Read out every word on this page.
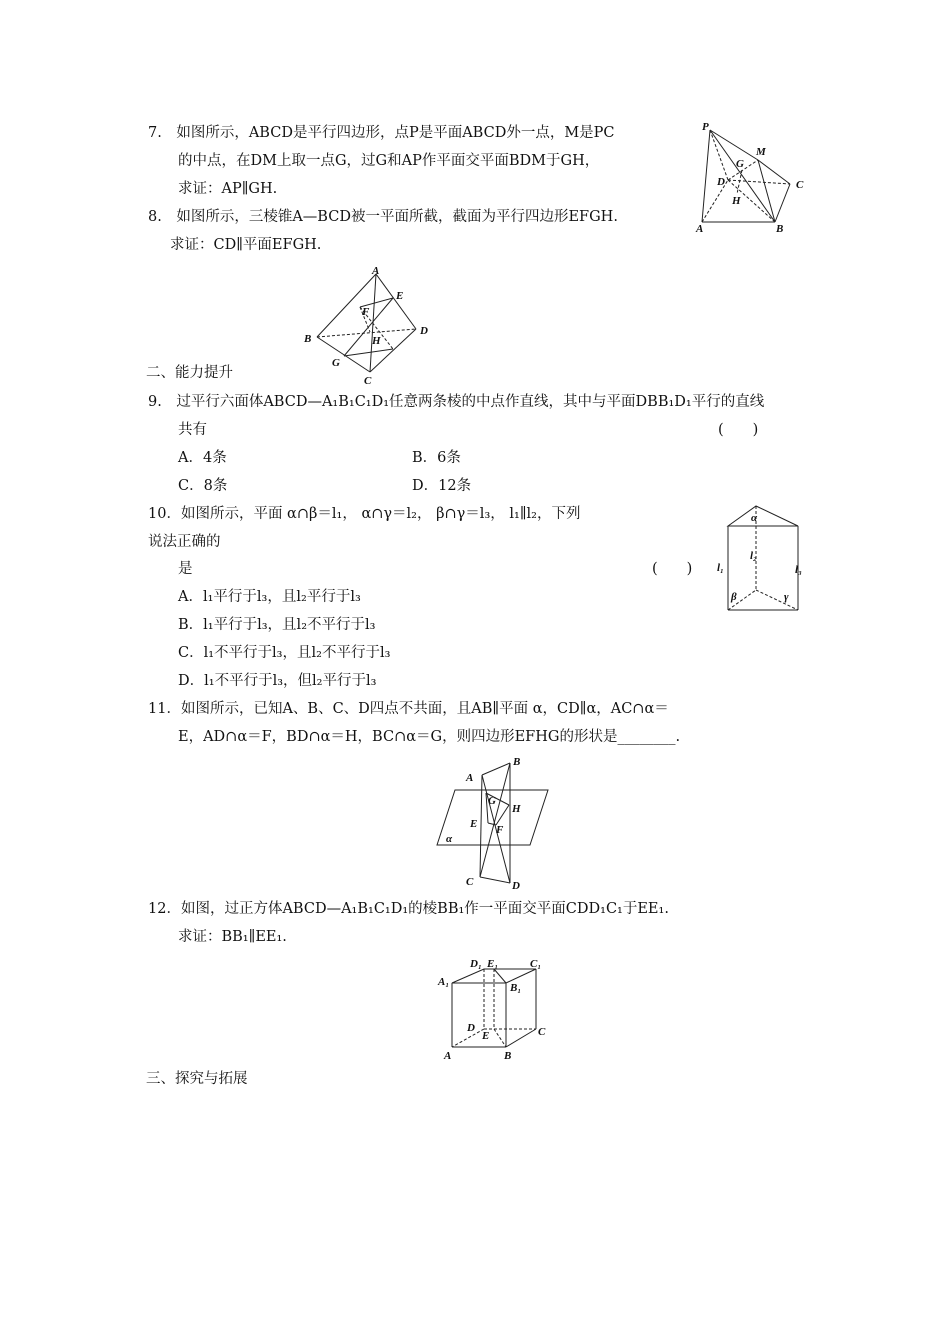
7.　如图所示，ABCD是平行四边形，点P是平面ABCD外一点，M是PC
的中点，在DM上取一点G，过G和AP作平面交平面BDM于GH，
求证：AP∥GH.
P
M
G
D
H
C
A	B
8.　如图所示，三棱锥A—BCD被一平面所截，截面为平行四边形EFGH.
求证：CD∥平面EFGH.
A
E
F
B	H
D
G
C
二、能力提升
9.　过平行六面体ABCD—A₁B₁C₁D₁任意两条棱的中点作直线，其中与平面DBB₁D₁平行的直线
共有	(　　)
A．4条	B．6条
C．8条	D．12条
10．如图所示，平面 α∩β＝l₁， α∩γ＝l₂， β∩γ＝l₃， l₁∥l₂，下列
说法正确的
是	(　　)
A．l₁平行于l₃，且l₂平行于l₃
B．l₁平行于l₃，且l₂不平行于l₃
C．l₁不平行于l₃，且l₂不平行于l₃
D．l₁不平行于l₃，但l₂平行于l₃
α
l₂
l₁	l₃
β	γ
11．如图所示，已知A、B、C、D四点不共面，且AB∥平面 α，CD∥α，AC∩α＝
E，AD∩α＝F，BD∩α＝H，BC∩α＝G，则四边形EFHG的形状是________.
A
B
G
H
E F
α
C	D
12．如图，过正方体ABCD—A₁B₁C₁D₁的棱BB₁作一平面交平面CDD₁C₁于EE₁.
求证：BB₁∥EE₁.
D₁ E₁	C₁
A₁	B₁
D
E	C
A	B
三、探究与拓展
